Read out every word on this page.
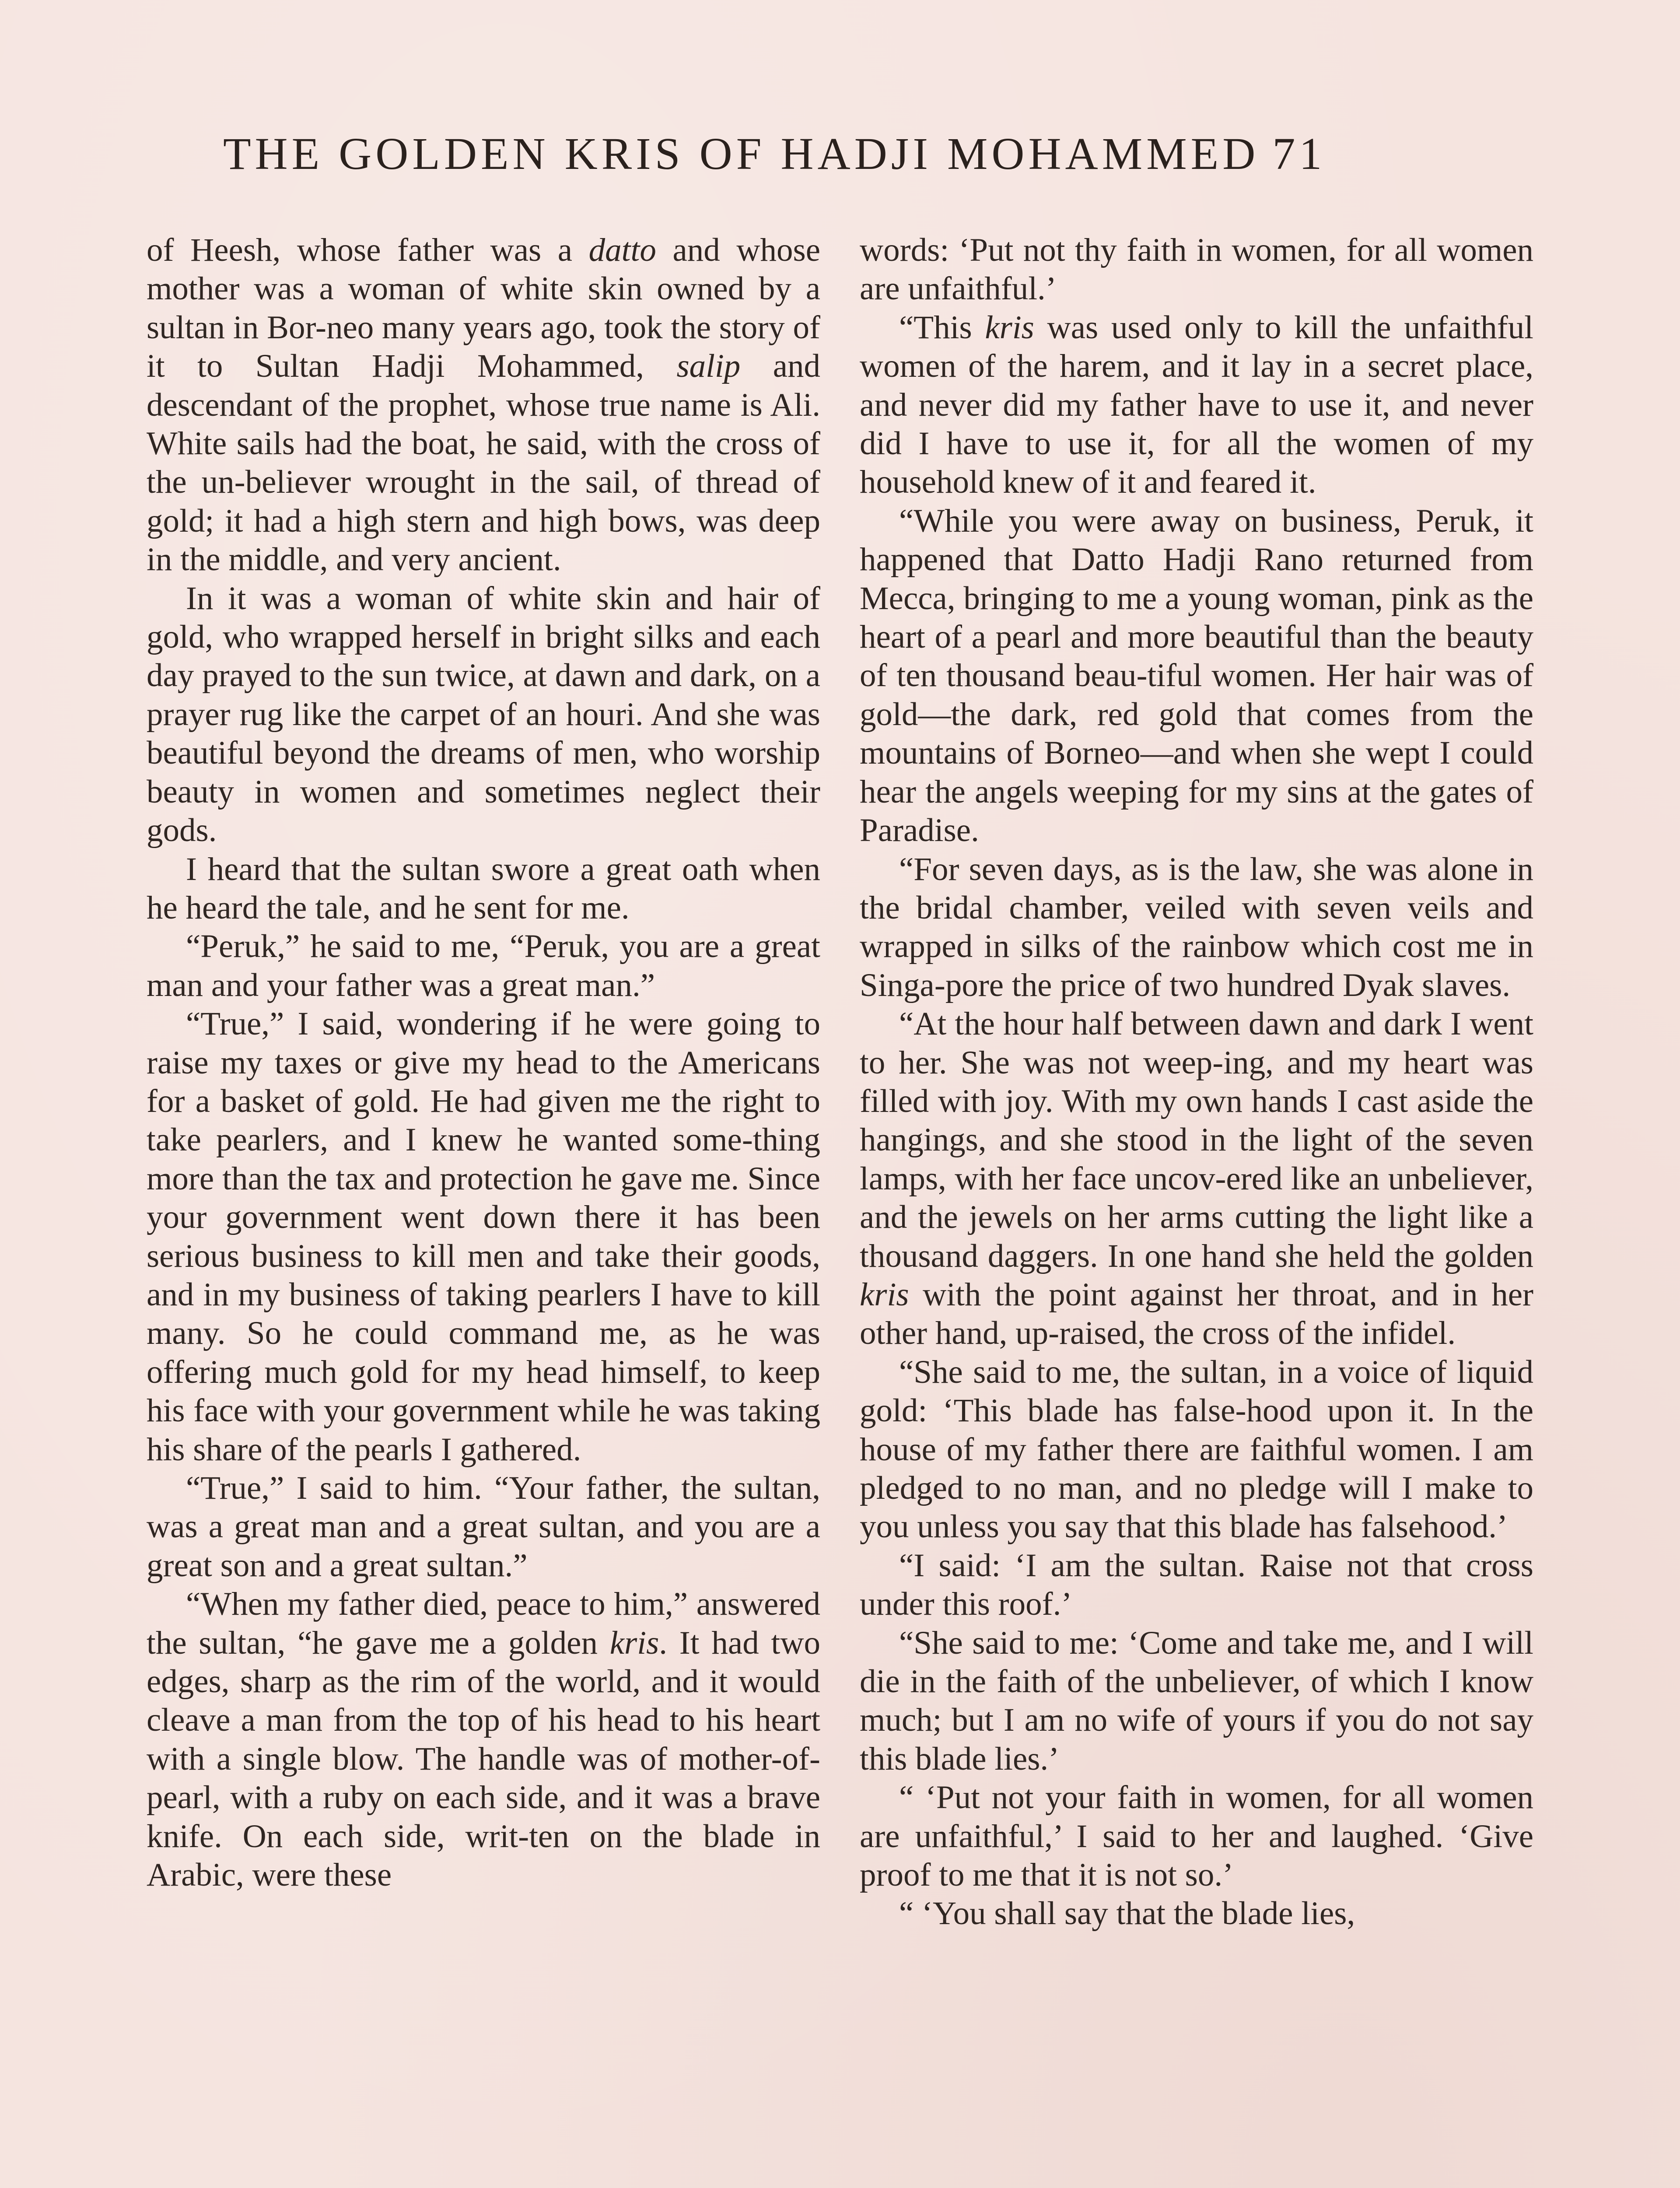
THE GOLDEN KRIS OF HADJI MOHAMMED 71

of Heesh, whose father was a datto and whose mother was a woman of white skin owned by a sultan in Bor-neo many years ago, took the story of it to Sultan Hadji Mohammed, salip and descendant of the prophet, whose true name is Ali. White sails had the boat, he said, with the cross of the un-believer wrought in the sail, of thread of gold; it had a high stern and high bows, was deep in the middle, and very ancient.

In it was a woman of white skin and hair of gold, who wrapped herself in bright silks and each day prayed to the sun twice, at dawn and dark, on a prayer rug like the carpet of an houri. And she was beautiful beyond the dreams of men, who worship beauty in women and sometimes neglect their gods.

I heard that the sultan swore a great oath when he heard the tale, and he sent for me.

“Peruk,” he said to me, “Peruk, you are a great man and your father was a great man.”

“True,” I said, wondering if he were going to raise my taxes or give my head to the Americans for a basket of gold. He had given me the right to take pearlers, and I knew he wanted some-thing more than the tax and protection he gave me. Since your government went down there it has been serious business to kill men and take their goods, and in my business of taking pearlers I have to kill many. So he could command me, as he was offering much gold for my head himself, to keep his face with your government while he was taking his share of the pearls I gathered.

“True,” I said to him. “Your father, the sultan, was a great man and a great sultan, and you are a great son and a great sultan.”

“When my father died, peace to him,” answered the sultan, “he gave me a golden kris. It had two edges, sharp as the rim of the world, and it would cleave a man from the top of his head to his heart with a single blow. The handle was of mother-of-pearl, with a ruby on each side, and it was a brave knife. On each side, writ-ten on the blade in Arabic, were these

words: ‘Put not thy faith in women, for all women are unfaithful.’

“This kris was used only to kill the unfaithful women of the harem, and it lay in a secret place, and never did my father have to use it, and never did I have to use it, for all the women of my household knew of it and feared it.

“While you were away on business, Peruk, it happened that Datto Hadji Rano returned from Mecca, bringing to me a young woman, pink as the heart of a pearl and more beautiful than the beauty of ten thousand beau-tiful women. Her hair was of gold—the dark, red gold that comes from the mountains of Borneo—and when she wept I could hear the angels weeping for my sins at the gates of Paradise.

“For seven days, as is the law, she was alone in the bridal chamber, veiled with seven veils and wrapped in silks of the rainbow which cost me in Singa-pore the price of two hundred Dyak slaves.

“At the hour half between dawn and dark I went to her. She was not weep-ing, and my heart was filled with joy. With my own hands I cast aside the hangings, and she stood in the light of the seven lamps, with her face uncov-ered like an unbeliever, and the jewels on her arms cutting the light like a thousand daggers. In one hand she held the golden kris with the point against her throat, and in her other hand, up-raised, the cross of the infidel.

“She said to me, the sultan, in a voice of liquid gold: ‘This blade has false-hood upon it. In the house of my father there are faithful women. I am pledged to no man, and no pledge will I make to you unless you say that this blade has falsehood.’

“I said: ‘I am the sultan. Raise not that cross under this roof.’

“She said to me: ‘Come and take me, and I will die in the faith of the unbeliever, of which I know much; but I am no wife of yours if you do not say this blade lies.’

“ ‘Put not your faith in women, for all women are unfaithful,’ I said to her and laughed. ‘Give proof to me that it is not so.’

“ ‘You shall say that the blade lies,
